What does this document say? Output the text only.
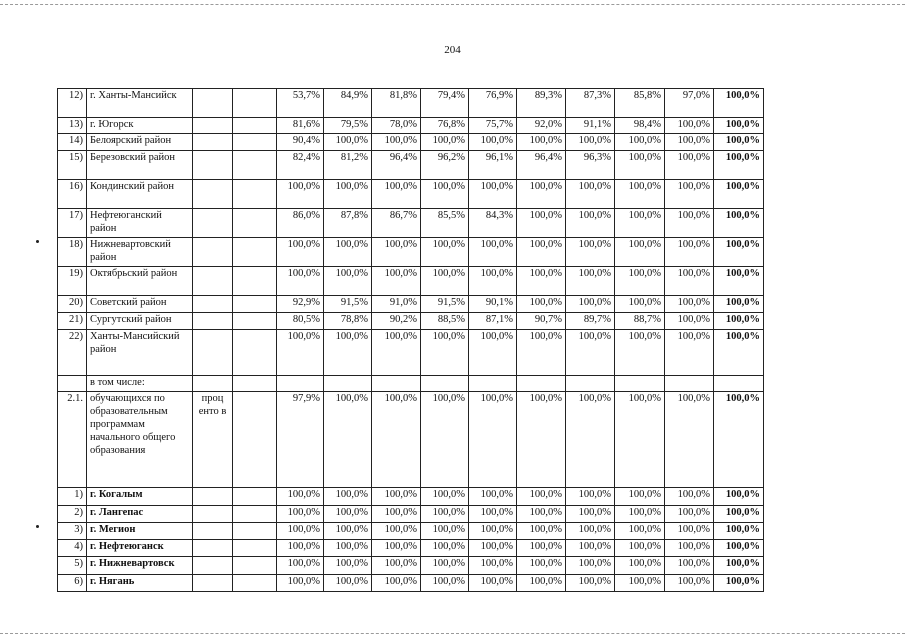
204
12)	г. Ханты-Мансийск			53,7%	84,9%	81,8%	79,4%	76,9%	89,3%	87,3%	85,8%	97,0%	100,0%
13)	г. Югорск			81,6%	79,5%	78,0%	76,8%	75,7%	92,0%	91,1%	98,4%	100,0%	100,0%
14)	Белоярский район			90,4%	100,0%	100,0%	100,0%	100,0%	100,0%	100,0%	100,0%	100,0%	100,0%
15)	Березовский район			82,4%	81,2%	96,4%	96,2%	96,1%	96,4%	96,3%	100,0%	100,0%	100,0%
16)	Кондинский район			100,0%	100,0%	100,0%	100,0%	100,0%	100,0%	100,0%	100,0%	100,0%	100,0%
17)	Нефтеюганский район			86,0%	87,8%	86,7%	85,5%	84,3%	100,0%	100,0%	100,0%	100,0%	100,0%
18)	Нижневартовский район			100,0%	100,0%	100,0%	100,0%	100,0%	100,0%	100,0%	100,0%	100,0%	100,0%
19)	Октябрьский район			100,0%	100,0%	100,0%	100,0%	100,0%	100,0%	100,0%	100,0%	100,0%	100,0%
20)	Советский район			92,9%	91,5%	91,0%	91,5%	90,1%	100,0%	100,0%	100,0%	100,0%	100,0%
21)	Сургутский район			80,5%	78,8%	90,2%	88,5%	87,1%	90,7%	89,7%	88,7%	100,0%	100,0%
22)	Ханты-Мансийский район			100,0%	100,0%	100,0%	100,0%	100,0%	100,0%	100,0%	100,0%	100,0%	100,0%
	в том числе:												
2.1.	обучающихся по образовательным программам начального общего образования	проц енто в		97,9%	100,0%	100,0%	100,0%	100,0%	100,0%	100,0%	100,0%	100,0%	100,0%
1)	г. Когалым			100,0%	100,0%	100,0%	100,0%	100,0%	100,0%	100,0%	100,0%	100,0%	100,0%
2)	г. Лангепас			100,0%	100,0%	100,0%	100,0%	100,0%	100,0%	100,0%	100,0%	100,0%	100,0%
3)	г. Мегион			100,0%	100,0%	100,0%	100,0%	100,0%	100,0%	100,0%	100,0%	100,0%	100,0%
4)	г. Нефтеюганск			100,0%	100,0%	100,0%	100,0%	100,0%	100,0%	100,0%	100,0%	100,0%	100,0%
5)	г. Нижневартовск			100,0%	100,0%	100,0%	100,0%	100,0%	100,0%	100,0%	100,0%	100,0%	100,0%
6)	г. Нягань			100,0%	100,0%	100,0%	100,0%	100,0%	100,0%	100,0%	100,0%	100,0%	100,0%
